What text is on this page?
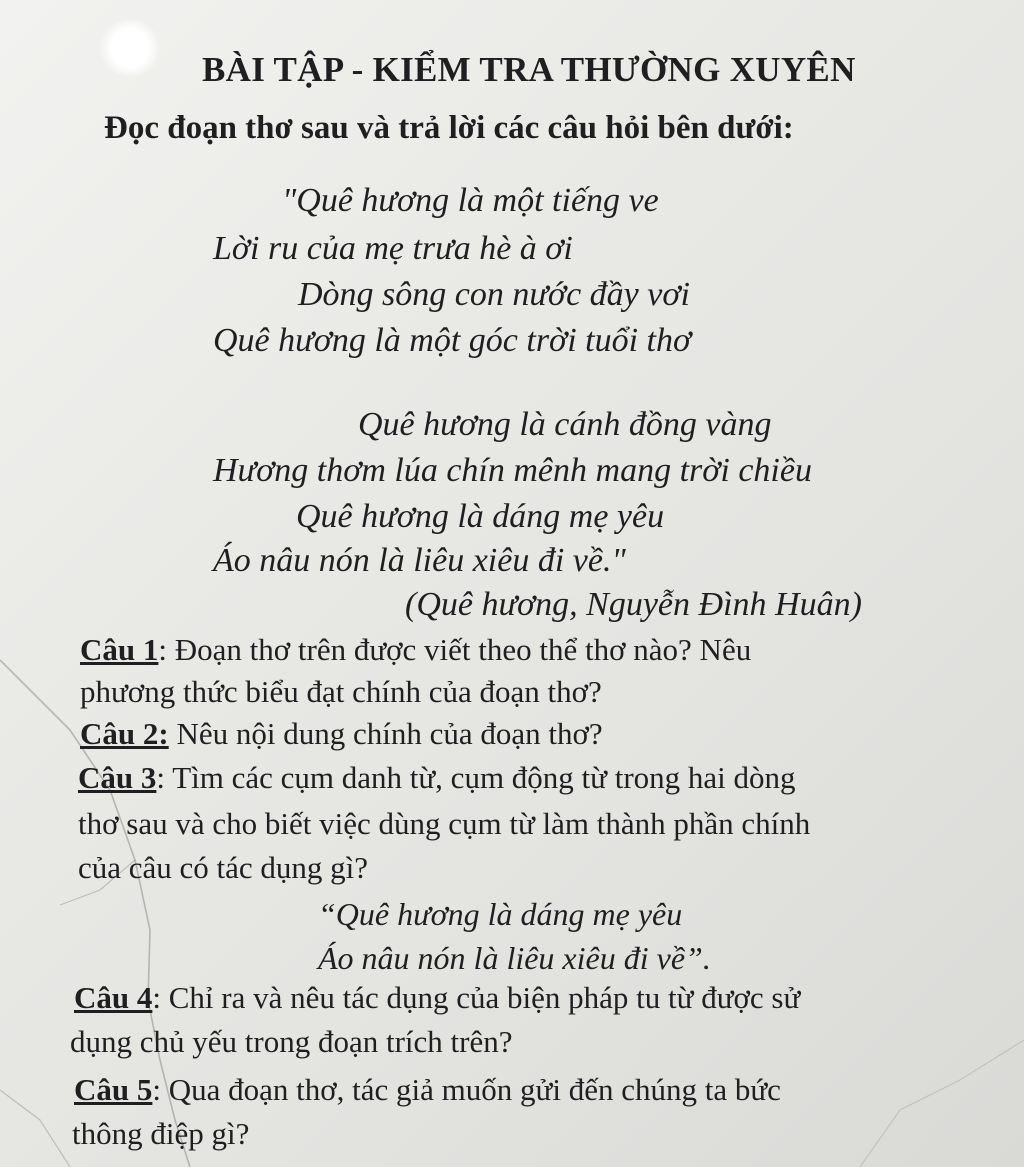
BÀI TẬP - KIỂM TRA THƯỜNG XUYÊN
Đọc đoạn thơ sau và trả lời các câu hỏi bên dưới:
"Quê hương là một tiếng ve
Lời ru của mẹ trưa hè à ơi
Dòng sông con nước đầy vơi
Quê hương là một góc trời tuổi thơ
Quê hương là cánh đồng vàng
Hương thơm lúa chín mênh mang trời chiều
Quê hương là dáng mẹ yêu
Áo nâu nón là liêu xiêu đi về."
(Quê hương, Nguyễn Đình Huân)
Câu 1: Đoạn thơ trên được viết theo thể thơ nào? Nêu
phương thức biểu đạt chính của đoạn thơ?
Câu 2: Nêu nội dung chính của đoạn thơ?
Câu 3: Tìm các cụm danh từ, cụm động từ trong hai dòng
thơ sau và cho biết việc dùng cụm từ làm thành phần chính
của câu có tác dụng gì?
“Quê hương là dáng mẹ yêu
Áo nâu nón là liêu xiêu đi về”.
Câu 4: Chỉ ra và nêu tác dụng của biện pháp tu từ được sử
dụng chủ yếu trong đoạn trích trên?
Câu 5: Qua đoạn thơ, tác giả muốn gửi đến chúng ta bức
thông điệp gì?
